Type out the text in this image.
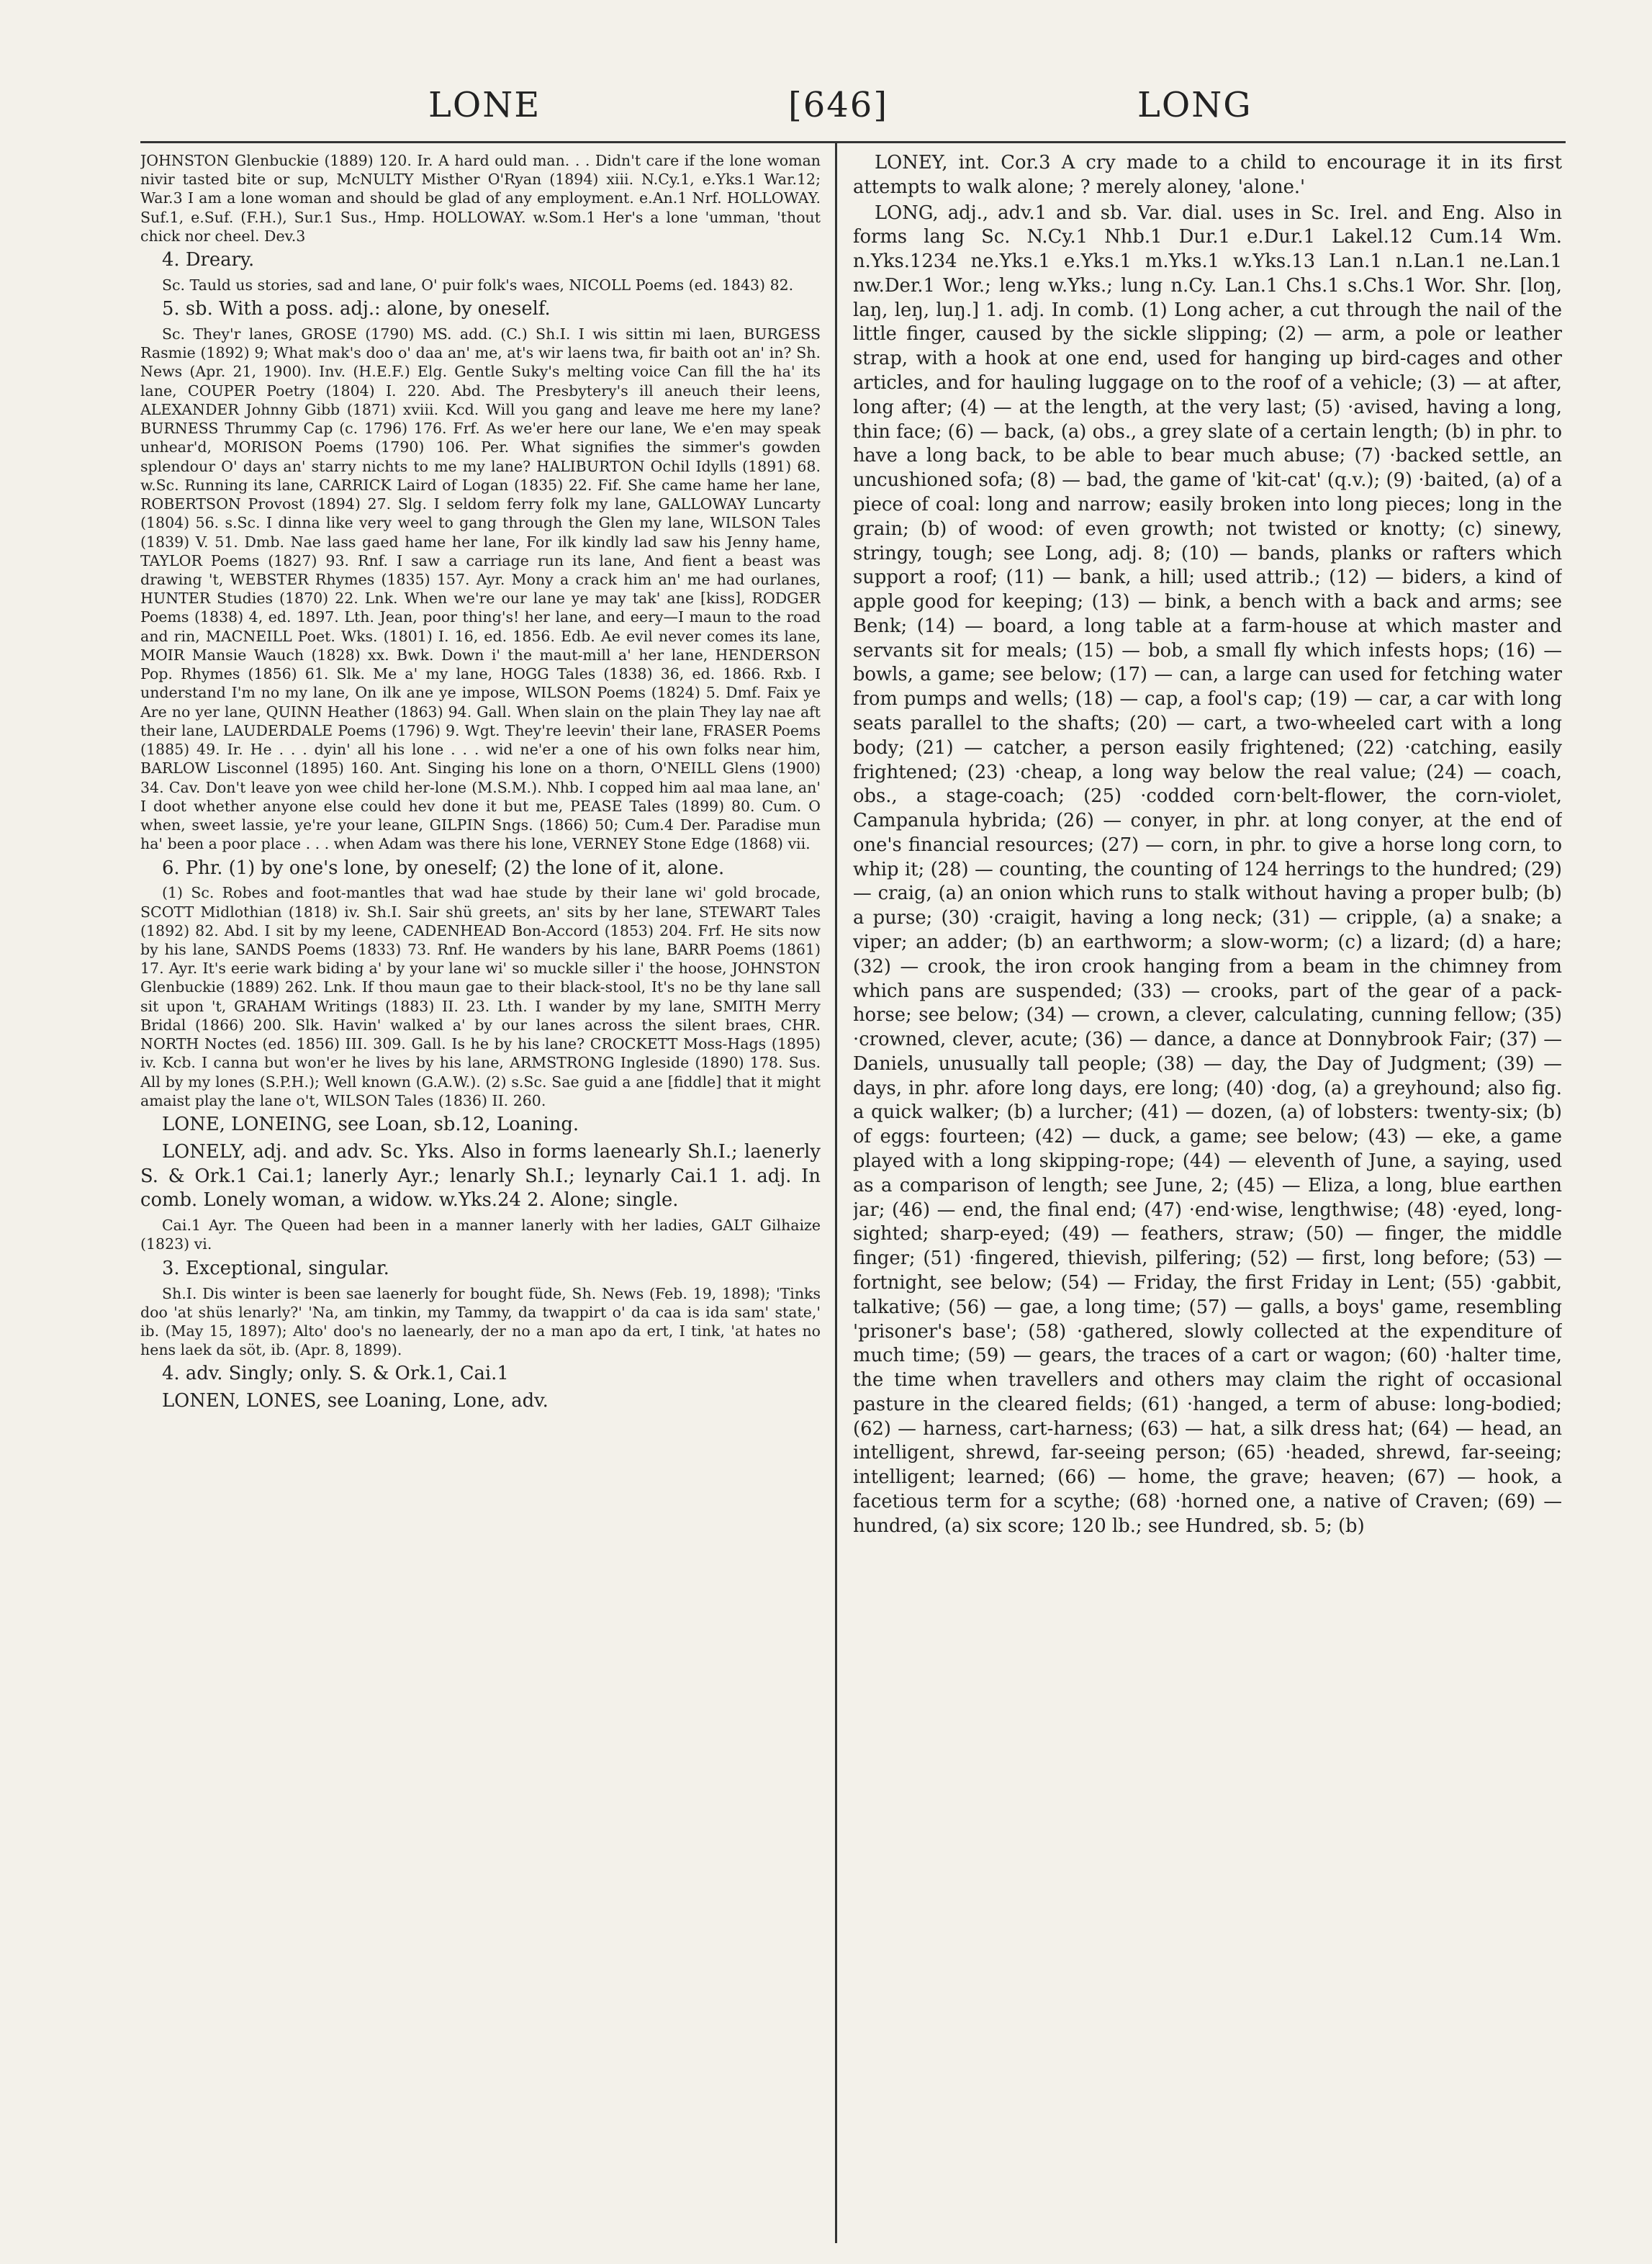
LONE	[646]	LONG

JOHNSTON Glenbuckie (1889) 120. Ir. A hard ould man. . . Didn't care if the lone woman nivir tasted bite or sup, McNULTY Misther O'Ryan (1894) xiii. N.Cy.1, e.Yks.1 War.12; War.3 I am a lone woman and should be glad of any employment. e.An.1 Nrf. HOLLOWAY. Suf.1, e.Suf. (F.H.), Sur.1 Sus., Hmp. HOLLOWAY. w.Som.1 Her's a lone 'umman, 'thout chick nor cheel. Dev.3

4. Dreary.

Sc. Tauld us stories, sad and lane, O' puir folk's waes, NICOLL Poems (ed. 1843) 82.

5. sb. With a poss. adj.: alone, by oneself.

Sc. They'r lanes, GROSE (1790) MS. add. (C.) Sh.I. I wis sittin mi laen, BURGESS Rasmie (1892) 9; What mak's doo o' daa an' me, at's wir laens twa, fir baith oot an' in? Sh. News (Apr. 21, 1900). Inv. (H.E.F.) Elg. Gentle Suky's melting voice Can fill the ha' its lane, COUPER Poetry (1804) I. 220. Abd. The Presbytery's ill aneuch their leens, ALEXANDER Johnny Gibb (1871) xviii. Kcd. Will you gang and leave me here my lane? BURNESS Thrummy Cap (c. 1796) 176. Frf. As we'er here our lane, We e'en may speak unhear'd, MORISON Poems (1790) 106. Per. What signifies the simmer's gowden splendour O' days an' starry nichts to me my lane? HALIBURTON Ochil Idylls (1891) 68. w.Sc. Running its lane, CARRICK Laird of Logan (1835) 22. Fif. She came hame her lane, ROBERTSON Provost (1894) 27. Slg. I seldom ferry folk my lane, GALLOWAY Luncarty (1804) 56. s.Sc. I dinna like very weel to gang through the Glen my lane, WILSON Tales (1839) V. 51. Dmb. Nae lass gaed hame her lane, For ilk kindly lad saw his Jenny hame, TAYLOR Poems (1827) 93. Rnf. I saw a carriage run its lane, And fient a beast was drawing 't, WEBSTER Rhymes (1835) 157. Ayr. Mony a crack him an' me had ourlanes, HUNTER Studies (1870) 22. Lnk. When we're our lane ye may tak' ane [kiss], RODGER Poems (1838) 4, ed. 1897. Lth. Jean, poor thing's! her lane, and eery—I maun to the road and rin, MACNEILL Poet. Wks. (1801) I. 16, ed. 1856. Edb. Ae evil never comes its lane, MOIR Mansie Wauch (1828) xx. Bwk. Down i' the maut-mill a' her lane, HENDERSON Pop. Rhymes (1856) 61. Slk. Me a' my lane, HOGG Tales (1838) 36, ed. 1866. Rxb. I understand I'm no my lane, On ilk ane ye impose, WILSON Poems (1824) 5. Dmf. Faix ye Are no yer lane, QUINN Heather (1863) 94. Gall. When slain on the plain They lay nae aft their lane, LAUDERDALE Poems (1796) 9. Wgt. They're leevin' their lane, FRASER Poems (1885) 49. Ir. He . . . dyin' all his lone . . . wid ne'er a one of his own folks near him, BARLOW Lisconnel (1895) 160. Ant. Singing his lone on a thorn, O'NEILL Glens (1900) 34. Cav. Don't leave yon wee child her-lone (M.S.M.). Nhb. I copped him aal maa lane, an' I doot whether anyone else could hev done it but me, PEASE Tales (1899) 80. Cum. O when, sweet lassie, ye're your leane, GILPIN Sngs. (1866) 50; Cum.4 Der. Paradise mun ha' been a poor place . . . when Adam was there his lone, VERNEY Stone Edge (1868) vii.

6. Phr. (1) by one's lone, by oneself; (2) the lone of it, alone.

(1) Sc. Robes and foot-mantles that wad hae stude by their lane wi' gold brocade, SCOTT Midlothian (1818) iv. Sh.I. Sair shü greets, an' sits by her lane, STEWART Tales (1892) 82. Abd. I sit by my leene, CADENHEAD Bon-Accord (1853) 204. Frf. He sits now by his lane, SANDS Poems (1833) 73. Rnf. He wanders by his lane, BARR Poems (1861) 17. Ayr. It's eerie wark biding a' by your lane wi' so muckle siller i' the hoose, JOHNSTON Glenbuckie (1889) 262. Lnk. If thou maun gae to their black-stool, It's no be thy lane sall sit upon 't, GRAHAM Writings (1883) II. 23. Lth. I wander by my lane, SMITH Merry Bridal (1866) 200. Slk. Havin' walked a' by our lanes across the silent braes, CHR. NORTH Noctes (ed. 1856) III. 309. Gall. Is he by his lane? CROCKETT Moss-Hags (1895) iv. Kcb. I canna but won'er he lives by his lane, ARMSTRONG Ingleside (1890) 178. Sus. All by my lones (S.P.H.); Well known (G.A.W.). (2) s.Sc. Sae guid a ane [fiddle] that it might amaist play the lane o't, WILSON Tales (1836) II. 260.

LONE, LONEING, see Loan, sb.12, Loaning.

LONELY, adj. and adv. Sc. Yks. Also in forms laenearly Sh.I.; laenerly S. & Ork.1 Cai.1; lanerly Ayr.; lenarly Sh.I.; leynarly Cai.1 1. adj. In comb. Lonely woman, a widow. w.Yks.24 2. Alone; single.

Cai.1 Ayr. The Queen had been in a manner lanerly with her ladies, GALT Gilhaize (1823) vi.

3. Exceptional, singular.

Sh.I. Dis winter is been sae laenerly for bought füde, Sh. News (Feb. 19, 1898); 'Tinks doo 'at shüs lenarly?' 'Na, am tinkin, my Tammy, da twappirt o' da caa is ida sam' state,' ib. (May 15, 1897); Alto' doo's no laenearly, der no a man apo da ert, I tink, 'at hates no hens laek da söt, ib. (Apr. 8, 1899).

4. adv. Singly; only. S. & Ork.1, Cai.1

LONEN, LONES, see Loaning, Lone, adv.

LONEY, int. Cor.3 A cry made to a child to encourage it in its first attempts to walk alone; ? merely aloney, 'alone.'

LONG, adj., adv.1 and sb. Var. dial. uses in Sc. Irel. and Eng. Also in forms lang Sc. N.Cy.1 Nhb.1 Dur.1 e.Dur.1 Lakel.12 Cum.14 Wm. n.Yks.1234 ne.Yks.1 e.Yks.1 m.Yks.1 w.Yks.13 Lan.1 n.Lan.1 ne.Lan.1 nw.Der.1 Wor.; leng w.Yks.; lung n.Cy. Lan.1 Chs.1 s.Chs.1 Wor. Shr. [loŋ, laŋ, leŋ, luŋ.] 1. adj. In comb. (1) Long acher, a cut through the nail of the little finger, caused by the sickle slipping; (2) — arm, a pole or leather strap, with a hook at one end, used for hanging up bird-cages and other articles, and for hauling luggage on to the roof of a vehicle; (3) — at after, long after; (4) — at the length, at the very last; (5) ·avised, having a long, thin face; (6) — back, (a) obs., a grey slate of a certain length; (b) in phr. to have a long back, to be able to bear much abuse; (7) ·backed settle, an uncushioned sofa; (8) — bad, the game of 'kit-cat' (q.v.); (9) ·baited, (a) of a piece of coal: long and narrow; easily broken into long pieces; long in the grain; (b) of wood: of even growth; not twisted or knotty; (c) sinewy, stringy, tough; see Long, adj. 8; (10) — bands, planks or rafters which support a roof; (11) — bank, a hill; used attrib.; (12) — biders, a kind of apple good for keeping; (13) — bink, a bench with a back and arms; see Benk; (14) — board, a long table at a farm-house at which master and servants sit for meals; (15) — bob, a small fly which infests hops; (16) — bowls, a game; see below; (17) — can, a large can used for fetching water from pumps and wells; (18) — cap, a fool's cap; (19) — car, a car with long seats parallel to the shafts; (20) — cart, a two-wheeled cart with a long body; (21) — catcher, a person easily frightened; (22) ·catching, easily frightened; (23) ·cheap, a long way below the real value; (24) — coach, obs., a stage-coach; (25) ·codded corn·belt-flower, the corn-violet, Campanula hybrida; (26) — conyer, in phr. at long conyer, at the end of one's financial resources; (27) — corn, in phr. to give a horse long corn, to whip it; (28) — counting, the counting of 124 herrings to the hundred; (29) — craig, (a) an onion which runs to stalk without having a proper bulb; (b) a purse; (30) ·craigit, having a long neck; (31) — cripple, (a) a snake; a viper; an adder; (b) an earthworm; a slow-worm; (c) a lizard; (d) a hare; (32) — crook, the iron crook hanging from a beam in the chimney from which pans are suspended; (33) — crooks, part of the gear of a pack-horse; see below; (34) — crown, a clever, calculating, cunning fellow; (35) ·crowned, clever, acute; (36) — dance, a dance at Donnybrook Fair; (37) — Daniels, unusually tall people; (38) — day, the Day of Judgment; (39) — days, in phr. afore long days, ere long; (40) ·dog, (a) a greyhound; also fig. a quick walker; (b) a lurcher; (41) — dozen, (a) of lobsters: twenty-six; (b) of eggs: fourteen; (42) — duck, a game; see below; (43) — eke, a game played with a long skipping-rope; (44) — eleventh of June, a saying, used as a comparison of length; see June, 2; (45) — Eliza, a long, blue earthen jar; (46) — end, the final end; (47) ·end·wise, lengthwise; (48) ·eyed, long-sighted; sharp-eyed; (49) — feathers, straw; (50) — finger, the middle finger; (51) ·fingered, thievish, pilfering; (52) — first, long before; (53) — fortnight, see below; (54) — Friday, the first Friday in Lent; (55) ·gabbit, talkative; (56) — gae, a long time; (57) — galls, a boys' game, resembling 'prisoner's base'; (58) ·gathered, slowly collected at the expenditure of much time; (59) — gears, the traces of a cart or wagon; (60) ·halter time, the time when travellers and others may claim the right of occasional pasture in the cleared fields; (61) ·hanged, a term of abuse: long-bodied; (62) — harness, cart-harness; (63) — hat, a silk dress hat; (64) — head, an intelligent, shrewd, far-seeing person; (65) ·headed, shrewd, far-seeing; intelligent; learned; (66) — home, the grave; heaven; (67) — hook, a facetious term for a scythe; (68) ·horned one, a native of Craven; (69) — hundred, (a) six score; 120 lb.; see Hundred, sb. 5; (b)
